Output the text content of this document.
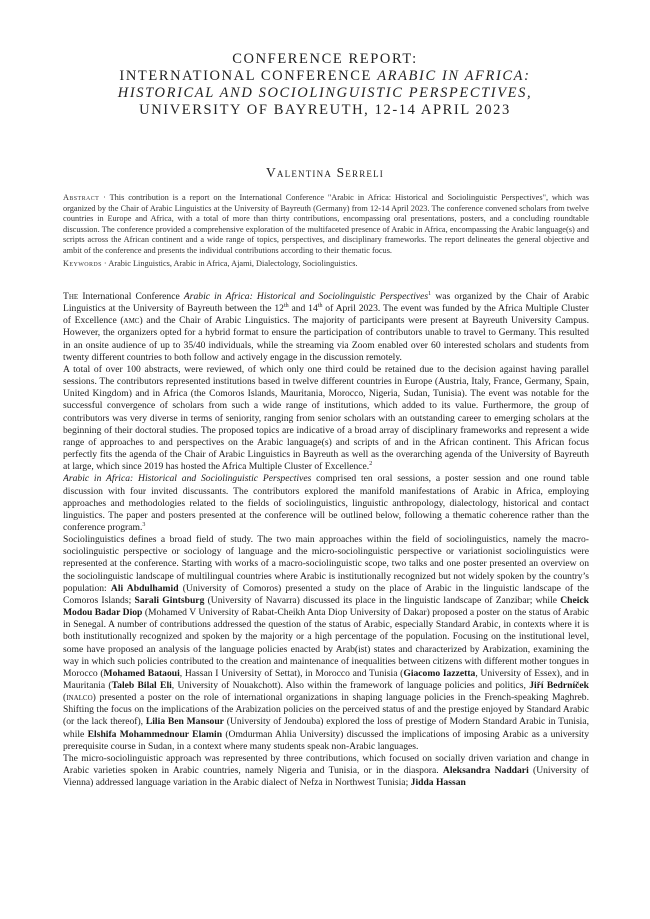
CONFERENCE REPORT:

INTERNATIONAL CONFERENCE ARABIC IN AFRICA:

HISTORICAL AND SOCIOLINGUISTIC PERSPECTIVES,

UNIVERSITY OF BAYREUTH, 12-14 APRIL 2023

Valentina Serreli
Abstract · This contribution is a report on the International Conference "Arabic in Africa: Historical and Sociolinguistic Perspectives", which was organized by the Chair of Arabic Linguistics at the University of Bayreuth (Germany) from 12-14 April 2023. The conference convened scholars from twelve countries in Europe and Africa, with a total of more than thirty contributions, encompassing oral presentations, posters, and a concluding roundtable discussion. The conference provided a comprehensive exploration of the multifaceted presence of Arabic in Africa, encompassing the Arabic language(s) and scripts across the African continent and a wide range of topics, perspectives, and disciplinary frameworks. The report delineates the general objective and ambit of the conference and presents the individual contributions according to their thematic focus.
Keywords · Arabic Linguistics, Arabic in Africa, Ajami, Dialectology, Sociolinguistics.

The International Conference Arabic in Africa: Historical and Sociolinguistic Perspectives$^1$ was organized by the Chair of Arabic Linguistics at the University of Bayreuth between the 12th and 14th of April 2023. The event was funded by the Africa Multiple Cluster of Excellence (amc) and the Chair of Arabic Linguistics. The majority of participants were present at Bayreuth University Campus. However, the organizers opted for a hybrid format to ensure the participation of contributors unable to travel to Germany. This resulted in an onsite audience of up to 35/40 individuals, while the streaming via Zoom enabled over 60 interested scholars and students from twenty different countries to both follow and actively engage in the discussion remotely.

A total of over 100 abstracts, were reviewed, of which only one third could be retained due to the decision against having parallel sessions. The contributors represented institutions based in twelve different countries in Europe (Austria, Italy, France, Germany, Spain, United Kingdom) and in Africa (the Comoros Islands, Mauritania, Morocco, Nigeria, Sudan, Tunisia). The event was notable for the successful convergence of scholars from such a wide range of institutions, which added to its value. Furthermore, the group of contributors was very diverse in terms of seniority, ranging from senior scholars with an outstanding career to emerging scholars at the beginning of their doctoral studies. The proposed topics are indicative of a broad array of disciplinary frameworks and represent a wide range of approaches to and perspectives on the Arabic language(s) and scripts of and in the African continent. This African focus perfectly fits the agenda of the Chair of Arabic Linguistics in Bayreuth as well as the overarching agenda of the University of Bayreuth at large, which since 2019 has hosted the Africa Multiple Cluster of Excellence.$^2$

Arabic in Africa: Historical and Sociolinguistic Perspectives comprised ten oral sessions, a poster session and one round table discussion with four invited discussants. The contributors explored the manifold manifestations of Arabic in Africa, employing approaches and methodologies related to the fields of sociolinguistics, linguistic anthropology, dialectology, historical and contact linguistics. The paper and posters presented at the conference will be outlined below, following a thematic coherence rather than the conference program.$^3$

Sociolinguistics defines a broad field of study. The two main approaches within the field of sociolinguistics, namely the macro-sociolinguistic perspective or sociology of language and the micro-sociolinguistic perspective or variationist sociolinguistics were represented at the conference. Starting with works of a macro-sociolinguistic scope, two talks and one poster presented an overview on the sociolinguistic landscape of multilingual countries where Arabic is institutionally recognized but not widely spoken by the country’s population: Ali Abdulhamid (University of Comoros) presented a study on the place of Arabic in the linguistic landscape of the Comoros Islands; Sarali Gintsburg (University of Navarra) discussed its place in the linguistic landscape of Zanzibar; while Cheick Modou Badar Diop (Mohamed V University of Rabat-Cheikh Anta Diop University of Dakar) proposed a poster on the status of Arabic in Senegal. A number of contributions addressed the question of the status of Arabic, especially Standard Arabic, in contexts where it is both institutionally recognized and spoken by the majority or a high percentage of the population. Focusing on the institutional level, some have proposed an analysis of the language policies enacted by Arab(ist) states and characterized by Arabization, examining the way in which such policies contributed to the creation and maintenance of inequalities between citizens with different mother tongues in Morocco (Mohamed Bataoui, Hassan I University of Settat), in Morocco and Tunisia (Giacomo Iazzetta, University of Essex), and in Mauritania (Taleb Bilal Eli, University of Nouakchott). Also within the framework of language policies and politics, Jiří Bedrníček (inalco) presented a poster on the role of international organizations in shaping language policies in the French-speaking Maghreb. Shifting the focus on the implications of the Arabization policies on the perceived status of and the prestige enjoyed by Standard Arabic (or the lack thereof), Lilia Ben Mansour (University of Jendouba) explored the loss of prestige of Modern Standard Arabic in Tunisia, while Elshifa Mohammednour Elamin (Omdurman Ahlia University) discussed the implications of imposing Arabic as a university prerequisite course in Sudan, in a context where many students speak non-Arabic languages.

The micro-sociolinguistic approach was represented by three contributions, which focused on socially driven variation and change in Arabic varieties spoken in Arabic countries, namely Nigeria and Tunisia, or in the diaspora. Aleksandra Naddari (University of Vienna) addressed language variation in the Arabic dialect of Nefza in Northwest Tunisia; Jidda Hassan
